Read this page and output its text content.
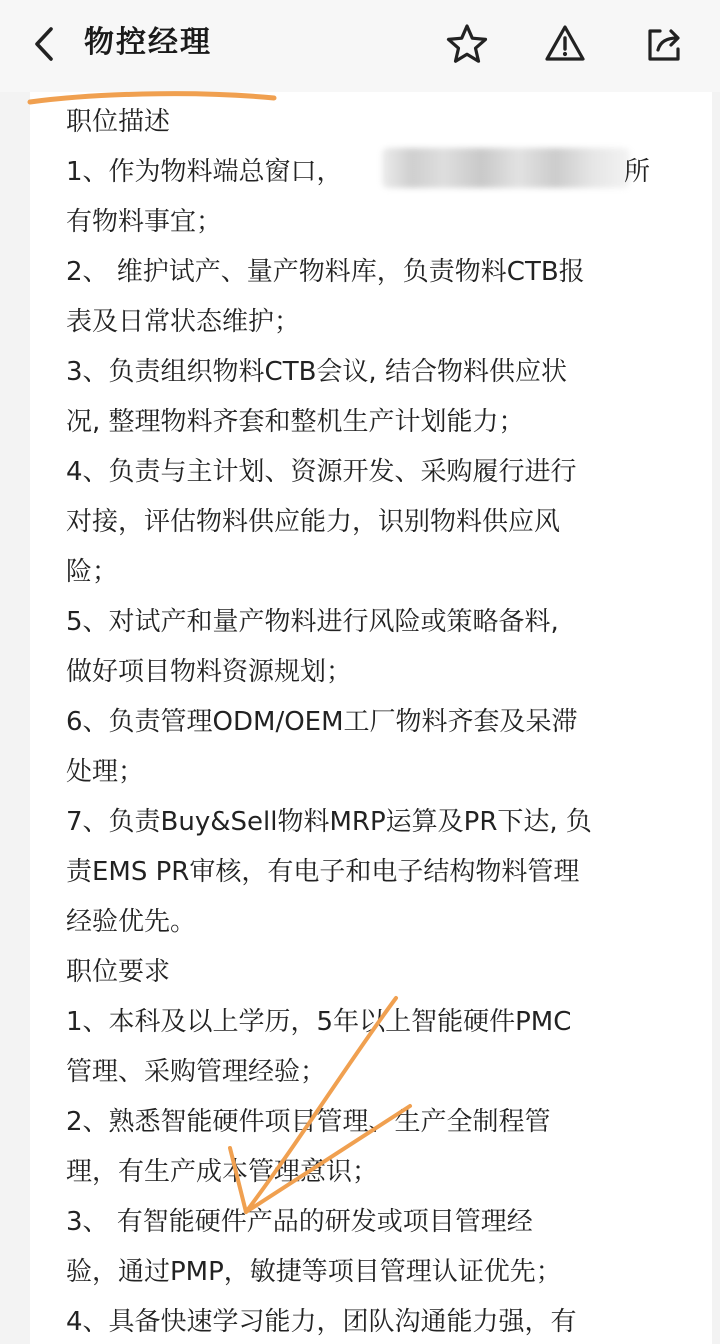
物控经理
职位描述
1、作为物料端总窗口，	所
有物料事宜；
2、 维护试产、量产物料库，负责物料CTB报
表及日常状态维护；
3、负责组织物料CTB会议, 结合物料供应状
况, 整理物料齐套和整机生产计划能力；
4、负责与主计划、资源开发、采购履行进行
对接，评估物料供应能力，识别物料供应风
险；
5、对试产和量产物料进行风险或策略备料,
做好项目物料资源规划；
6、负责管理ODM/OEM工厂物料齐套及呆滞
处理；
7、负责Buy&Sell物料MRP运算及PR下达, 负
责EMS PR审核，有电子和电子结构物料管理
经验优先。
职位要求
1、本科及以上学历，5年以上智能硬件PMC
管理、采购管理经验；
2、熟悉智能硬件项目管理、生产全制程管
理，有生产成本管理意识；
3、 有智能硬件产品的研发或项目管理经
验，通过PMP，敏捷等项目管理认证优先；
4、具备快速学习能力，团队沟通能力强，有
